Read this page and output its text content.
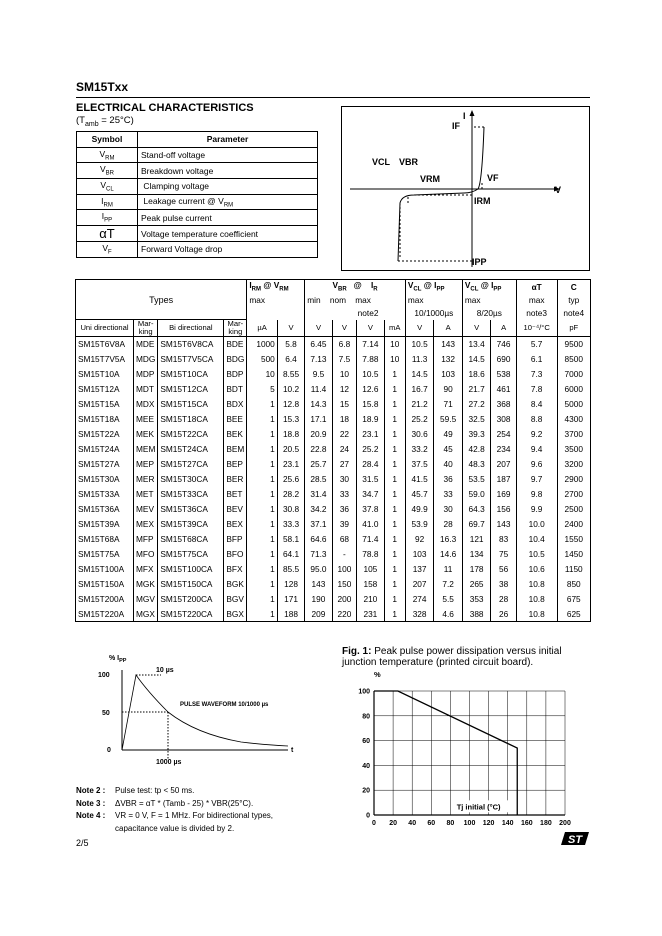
SM15Txx
ELECTRICAL CHARACTERISTICS
$(T_{amb} = 25^\circ C)$
Symbol	Parameter
$V_{RM}$	Stand-off voltage
$V_{BR}$	Breakdown voltage
$V_{CL}$	Clamping voltage
$I_{RM}$	Leakage current @ $V_{RM}$
$I_{PP}$	Peak pulse current
αT	Voltage temperature coefficient
$V_F$	Forward Voltage drop
I
IF
VCL VBR
VRM	VF
V
IRM
IPP
Types				$I_{RM}$ @ $V_{RM}$		$V_{BR}$ @ $I_R$				$V_{CL}$ @ $I_{PP}$		$V_{CL}$ @ $I_{PP}$		αT	C
				max		min nom max				max		max		max	typ
						note2				10/1000µs		8/20µs		note3	note4
Uni directional	Mar- king	Bi directional	Mar- king	µA	V	V	V	V	mA	V	A	V	A	10⁻⁴/°C	pF
SM15T6V8A	MDE	SM15T6V8CA	BDE	1000	5.8	6.45	6.8	7.14	10	10.5	143	13.4	746	5.7	9500
SM15T7V5A	MDG	SM15T7V5CA	BDG	500	6.4	7.13	7.5	7.88	10	11.3	132	14.5	690	6.1	8500
SM15T10A	MDP	SM15T10CA	BDP	10	8.55	9.5	10	10.5	1	14.5	103	18.6	538	7.3	7000
SM15T12A	MDT	SM15T12CA	BDT	5	10.2	11.4	12	12.6	1	16.7	90	21.7	461	7.8	6000
SM15T15A	MDX	SM15T15CA	BDX	1	12.8	14.3	15	15.8	1	21.2	71	27.2	368	8.4	5000
SM15T18A	MEE	SM15T18CA	BEE	1	15.3	17.1	18	18.9	1	25.2	59.5	32.5	308	8.8	4300
SM15T22A	MEK	SM15T22CA	BEK	1	18.8	20.9	22	23.1	1	30.6	49	39.3	254	9.2	3700
SM15T24A	MEM	SM15T24CA	BEM	1	20.5	22.8	24	25.2	1	33.2	45	42.8	234	9.4	3500
SM15T27A	MEP	SM15T27CA	BEP	1	23.1	25.7	27	28.4	1	37.5	40	48.3	207	9.6	3200
SM15T30A	MER	SM15T30CA	BER	1	25.6	28.5	30	31.5	1	41.5	36	53.5	187	9.7	2900
SM15T33A	MET	SM15T33CA	BET	1	28.2	31.4	33	34.7	1	45.7	33	59.0	169	9.8	2700
SM15T36A	MEV	SM15T36CA	BEV	1	30.8	34.2	36	37.8	1	49.9	30	64.3	156	9.9	2500
SM15T39A	MEX	SM15T39CA	BEX	1	33.3	37.1	39	41.0	1	53.9	28	69.7	143	10.0	2400
SM15T68A	MFP	SM15T68CA	BFP	1	58.1	64.6	68	71.4	1	92	16.3	121	83	10.4	1550
SM15T75A	MFO	SM15T75CA	BFO	1	64.1	71.3	-	78.8	1	103	14.6	134	75	10.5	1450
SM15T100A	MFX	SM15T100CA	BFX	1	85.5	95.0	100	105	1	137	11	178	56	10.6	1150
SM15T150A	MGK	SM15T150CA	BGK	1	128	143	150	158	1	207	7.2	265	38	10.8	850
SM15T200A	MGV	SM15T200CA	BGV	1	171	190	200	210	1	274	5.5	353	28	10.8	675
SM15T220A	MGX	SM15T220CA	BGX	1	188	209	220	231	1	328	4.6	388	26	10.8	625
% $I_{PP}$
100
50
0	t
10 µs
1000 µs
PULSE WAVEFORM 10/1000 µs
Fig. 1: Peak pulse power dissipation versus initial junction temperature (printed circuit board).
0 20 40 60 80 100 120 140 160 180 200
0
20
40
60
80
100
Tj initial (°C)
%
Note 2 : Pulse test: tp < 50 ms.
Note 3 : ΔVBR = αT * (Tamb - 25) * VBR(25°C).
Note 4 : VR = 0 V, F = 1 MHz. For bidirectional types,
capacitance value is divided by 2.
2/5	ST
